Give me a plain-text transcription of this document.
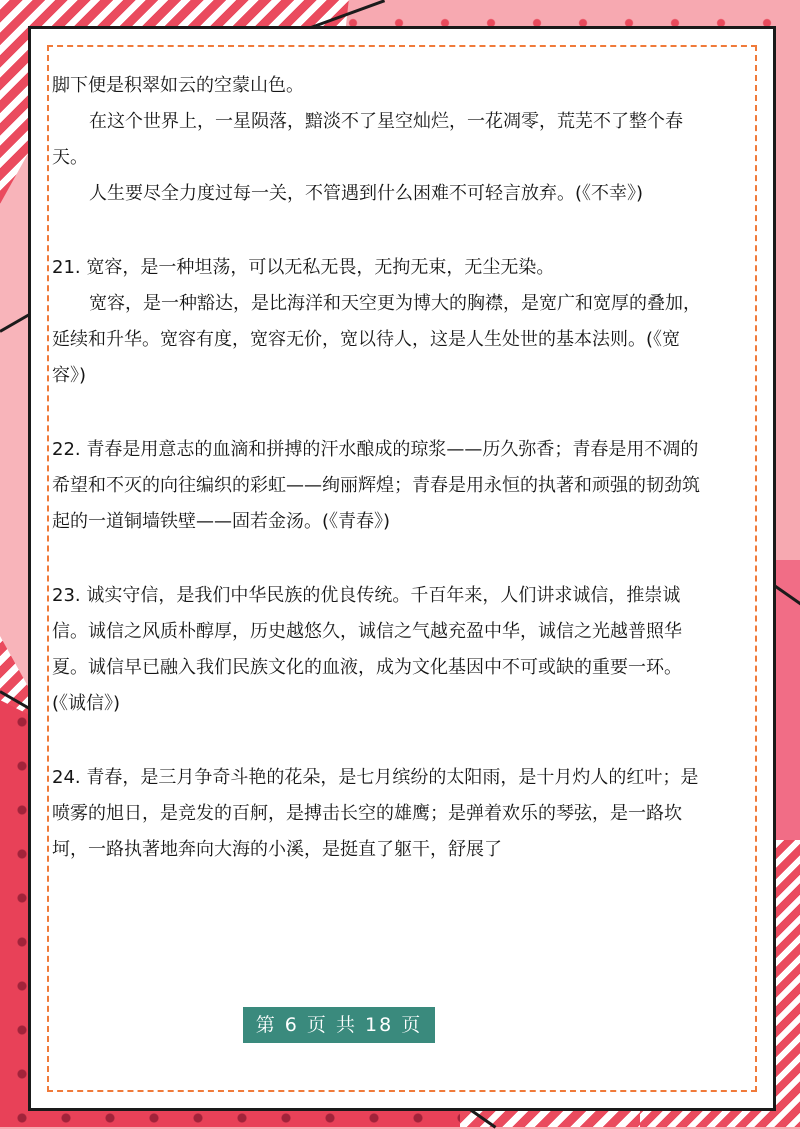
脚下便是积翠如云的空蒙山色。

在这个世界上，一星陨落，黯淡不了星空灿烂，一花凋零，荒芜不了整个春天。

人生要尽全力度过每一关，不管遇到什么困难不可轻言放弃。(《不幸》)

21. 宽容，是一种坦荡，可以无私无畏，无拘无束，无尘无染。

宽容，是一种豁达，是比海洋和天空更为博大的胸襟，是宽广和宽厚的叠加，延续和升华。宽容有度，宽容无价，宽以待人，这是人生处世的基本法则。(《宽容》)

22. 青春是用意志的血滴和拼搏的汗水酿成的琼浆——历久弥香；青春是用不凋的希望和不灭的向往编织的彩虹——绚丽辉煌；青春是用永恒的执著和顽强的韧劲筑起的一道铜墙铁壁——固若金汤。(《青春》)

23. 诚实守信，是我们中华民族的优良传统。千百年来，人们讲求诚信，推崇诚信。诚信之风质朴醇厚，历史越悠久，诚信之气越充盈中华，诚信之光越普照华夏。诚信早已融入我们民族文化的血液，成为文化基因中不可或缺的重要一环。(《诚信》)

24. 青春，是三月争奇斗艳的花朵，是七月缤纷的太阳雨，是十月灼人的红叶；是喷雾的旭日，是竞发的百舸，是搏击长空的雄鹰；是弹着欢乐的琴弦，是一路坎坷，一路执著地奔向大海的小溪，是挺直了躯干，舒展了

第 6 页 共 18 页
